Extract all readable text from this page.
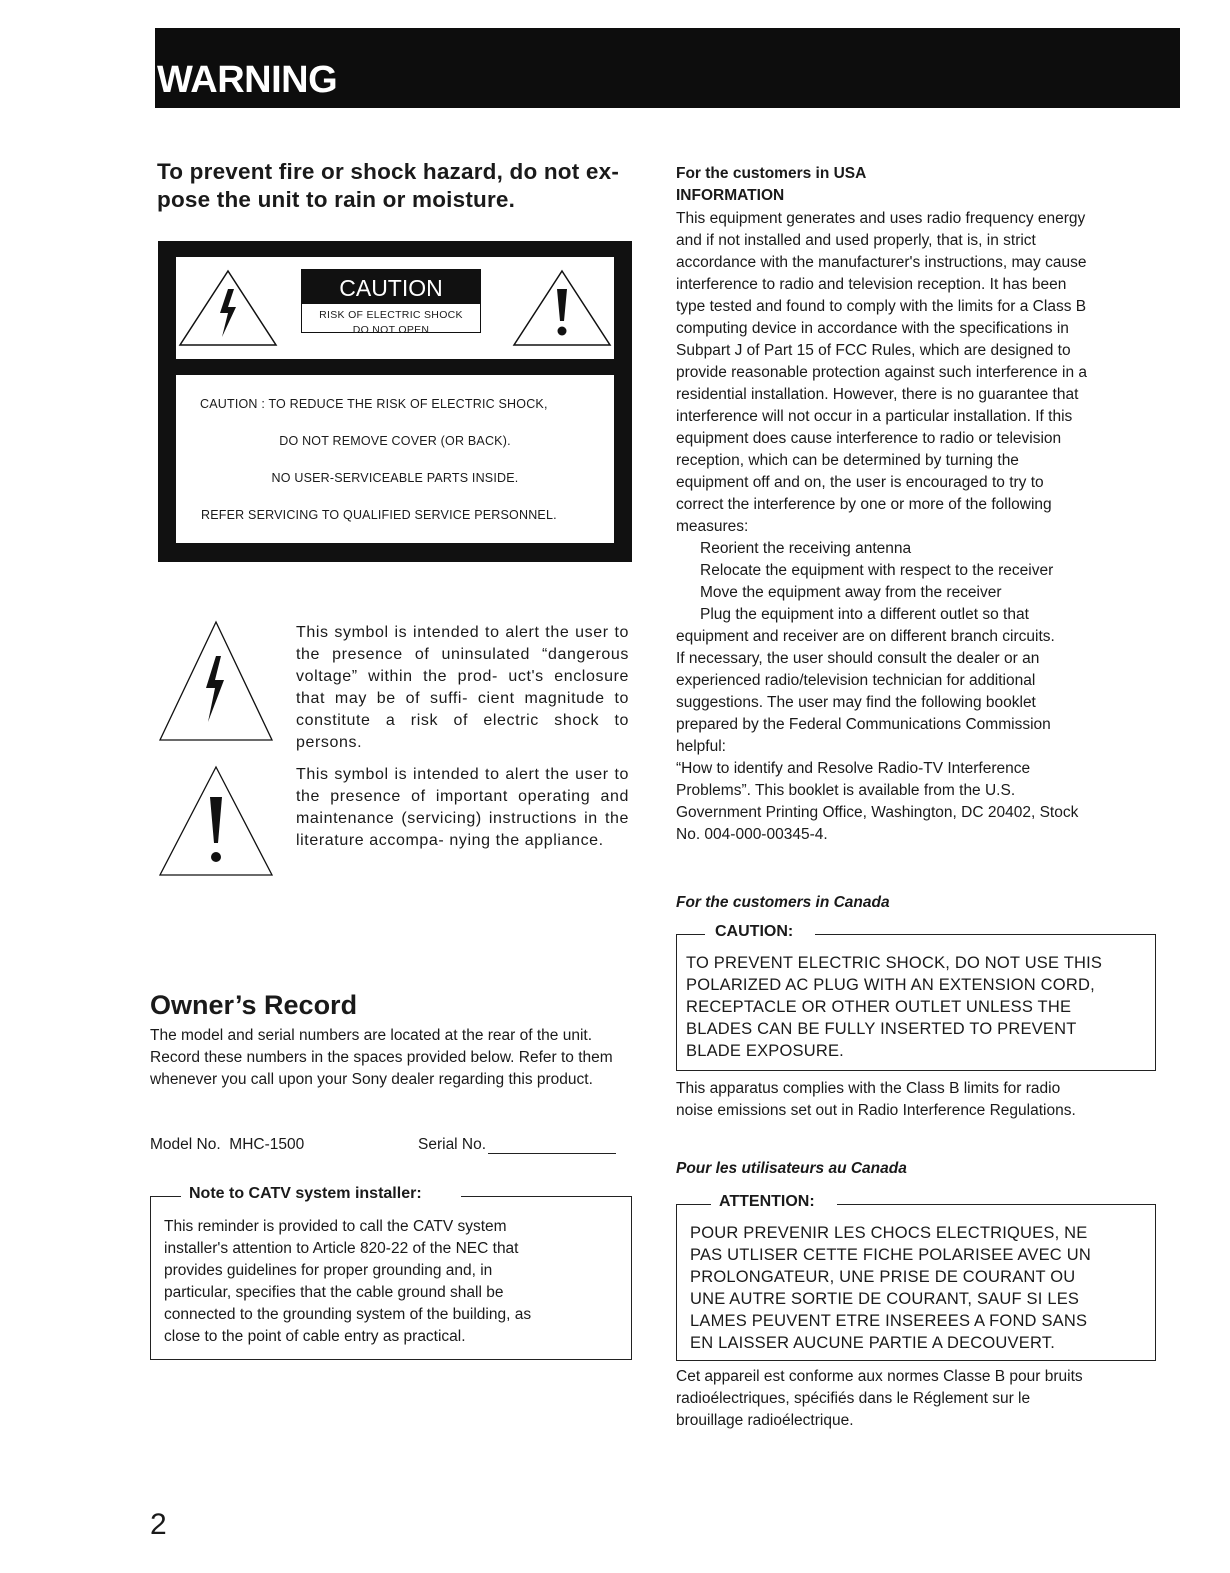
WARNING
To prevent fire or shock hazard, do not ex-
pose the unit to rain or moisture.
CAUTION
RISK OF ELECTRIC SHOCK
DO NOT OPEN
CAUTION : TO REDUCE THE RISK OF ELECTRIC SHOCK,
DO NOT REMOVE COVER (OR BACK).
NO USER-SERVICEABLE PARTS INSIDE.
REFER SERVICING TO QUALIFIED SERVICE PERSONNEL.
This symbol is intended to alert the user to the presence of uninsulated “dangerous voltage” within the prod- uct's enclosure that may be of suffi- cient magnitude to constitute a risk of electric shock to persons.
This symbol is intended to alert the user to the presence of important operating and maintenance (servicing) instructions in the literature accompa- nying the appliance.
Owner’s Record
The model and serial numbers are located at the rear of the unit. Record these numbers in the spaces provided below. Refer to them whenever you call upon your Sony dealer regarding this product.
Model No. MHC-1500	Serial No.
Note to CATV system installer:
This reminder is provided to call the CATV system
installer's attention to Article 820-22 of the NEC that
provides guidelines for proper grounding and, in
particular, specifies that the cable ground shall be
connected to the grounding system of the building, as
close to the point of cable entry as practical.
For the customers in USA
INFORMATION
This equipment generates and uses radio frequency energy
and if not installed and used properly, that is, in strict
accordance with the manufacturer's instructions, may cause
interference to radio and television reception. It has been
type tested and found to comply with the limits for a Class B
computing device in accordance with the specifications in
Subpart J of Part 15 of FCC Rules, which are designed to
provide reasonable protection against such interference in a
residential installation. However, there is no guarantee that
interference will not occur in a particular installation. If this
equipment does cause interference to radio or television
reception, which can be determined by turning the
equipment off and on, the user is encouraged to try to
correct the interference by one or more of the following
measures:
Reorient the receiving antenna
Relocate the equipment with respect to the receiver
Move the equipment away from the receiver
Plug the equipment into a different outlet so that
equipment and receiver are on different branch circuits.
If necessary, the user should consult the dealer or an
experienced radio/television technician for additional
suggestions. The user may find the following booklet
prepared by the Federal Communications Commission
helpful:
“How to identify and Resolve Radio-TV Interference
Problems”. This booklet is available from the U.S.
Government Printing Office, Washington, DC 20402, Stock
No. 004-000-00345-4.
For the customers in Canada
CAUTION:
TO PREVENT ELECTRIC SHOCK, DO NOT USE THIS
POLARIZED AC PLUG WITH AN EXTENSION CORD,
RECEPTACLE OR OTHER OUTLET UNLESS THE
BLADES CAN BE FULLY INSERTED TO PREVENT
BLADE EXPOSURE.
This apparatus complies with the Class B limits for radio
noise emissions set out in Radio Interference Regulations.
Pour les utilisateurs au Canada
ATTENTION:
POUR PREVENIR LES CHOCS ELECTRIQUES, NE
PAS UTLISER CETTE FICHE POLARISEE AVEC UN
PROLONGATEUR, UNE PRISE DE COURANT OU
UNE AUTRE SORTIE DE COURANT, SAUF SI LES
LAMES PEUVENT ETRE INSEREES A FOND SANS
EN LAISSER AUCUNE PARTIE A DECOUVERT.
Cet appareil est conforme aux normes Classe B pour bruits
radioélectriques, spécifiés dans le Réglement sur le
brouillage radioélectrique.
2
